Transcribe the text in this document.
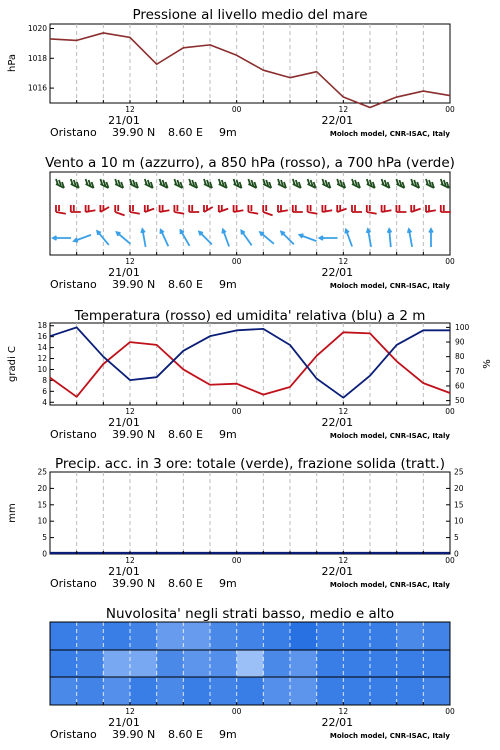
Pressione al livello medio del mare
1016
1018
1020
hPa
12	00	12	00
21/01	22/01
Oristano 39.90 N 8.60 E 9m	Moloch model, CNR-ISAC, Italy
Vento a 10 m (azzurro), a 850 hPa (rosso), a 700 hPa (verde)
12	00	12	00
21/01	22/01
Oristano 39.90 N 8.60 E 9m	Moloch model, CNR-ISAC, Italy
Temperatura (rosso) ed umidita' relativa (blu) a 2 m
4
6
8
10
12
14
16
18
50
60
70
80
90
100
gradi C	%
12	00	12	00
21/01	22/01
Oristano 39.90 N 8.60 E 9m	Moloch model, CNR-ISAC, Italy
Precip. acc. in 3 ore: totale (verde), frazione solida (tratt.)
0
5
10
15
20
25
0
5
10
15
20
25
mm
12	00	12	00
21/01	22/01
Oristano 39.90 N 8.60 E 9m	Moloch model, CNR-ISAC, Italy
Nuvolosita' negli strati basso, medio e alto
12	00	12	00
21/01	22/01
Oristano 39.90 N 8.60 E 9m	Moloch model, CNR-ISAC, Italy
